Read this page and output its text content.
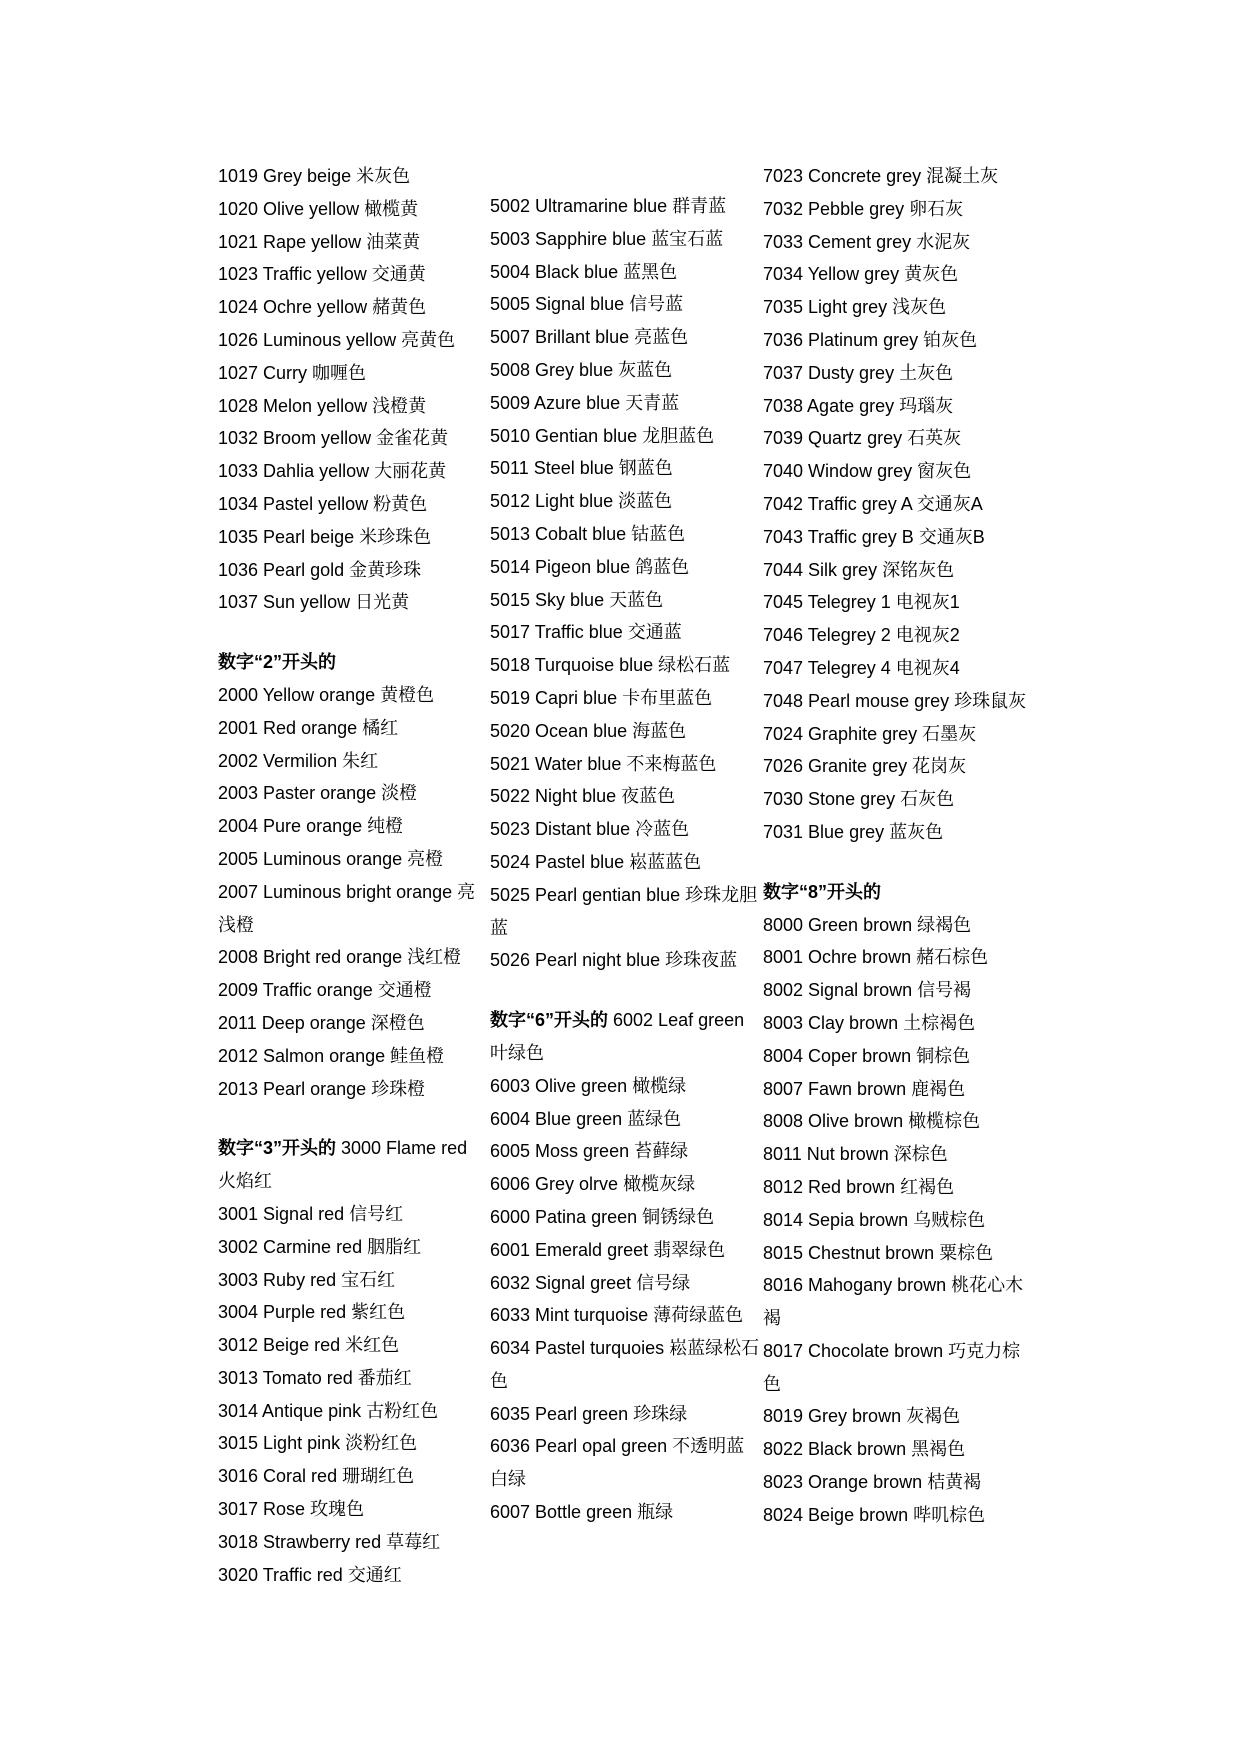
1019 Grey beige 米灰色
1020 Olive yellow 橄榄黄
1021 Rape yellow 油菜黄
1023 Traffic yellow 交通黄
1024 Ochre yellow 赭黄色
1026 Luminous yellow 亮黄色
1027 Curry 咖喱色
1028 Melon yellow 浅橙黄
1032 Broom yellow 金雀花黄
1033 Dahlia yellow 大丽花黄
1034 Pastel yellow 粉黄色
1035 Pearl beige 米珍珠色
1036 Pearl gold 金黄珍珠
1037 Sun yellow 日光黄
数字“2”开头的
2000 Yellow orange 黄橙色
2001 Red orange 橘红
2002 Vermilion 朱红
2003 Paster orange 淡橙
2004 Pure orange 纯橙
2005 Luminous orange 亮橙
2007 Luminous bright orange 亮浅橙
2008 Bright red orange 浅红橙
2009 Traffic orange 交通橙
2011 Deep orange 深橙色
2012 Salmon orange 鲑鱼橙
2013 Pearl orange 珍珠橙
数字“3”开头的 3000 Flame red 火焰红
3001 Signal red 信号红
3002 Carmine red 胭脂红
3003 Ruby red 宝石红
3004 Purple red 紫红色
3012 Beige red 米红色
3013 Tomato red 番茄红
3014 Antique pink 古粉红色
3015 Light pink 淡粉红色
3016 Coral red 珊瑚红色
3017 Rose 玫瑰色
3018 Strawberry red 草莓红
3020 Traffic red 交通红
5002 Ultramarine blue 群青蓝
5003 Sapphire blue 蓝宝石蓝
5004 Black blue 蓝黑色
5005 Signal blue 信号蓝
5007 Brillant blue 亮蓝色
5008 Grey blue 灰蓝色
5009 Azure blue 天青蓝
5010 Gentian blue 龙胆蓝色
5011 Steel blue 钢蓝色
5012 Light blue 淡蓝色
5013 Cobalt blue 钴蓝色
5014 Pigeon blue 鸽蓝色
5015 Sky blue 天蓝色
5017 Traffic blue 交通蓝
5018 Turquoise blue 绿松石蓝
5019 Capri blue 卡布里蓝色
5020 Ocean blue 海蓝色
5021 Water blue 不来梅蓝色
5022 Night blue 夜蓝色
5023 Distant blue 冷蓝色
5024 Pastel blue 崧蓝蓝色
5025 Pearl gentian blue 珍珠龙胆蓝
5026 Pearl night blue 珍珠夜蓝
数字“6”开头的 6002 Leaf green 叶绿色
6003 Olive green 橄榄绿
6004 Blue green 蓝绿色
6005 Moss green 苔藓绿
6006 Grey olrve 橄榄灰绿
6000 Patina green 铜锈绿色
6001 Emerald greet 翡翠绿色
6032 Signal greet 信号绿
6033 Mint turquoise 薄荷绿蓝色
6034 Pastel turquoies 崧蓝绿松石色
6035 Pearl green 珍珠绿
6036 Pearl opal green 不透明蓝白绿
6007 Bottle green 瓶绿
7023 Concrete grey 混凝土灰
7032 Pebble grey 卵石灰
7033 Cement grey 水泥灰
7034 Yellow grey 黄灰色
7035 Light grey 浅灰色
7036 Platinum grey 铂灰色
7037 Dusty grey 土灰色
7038 Agate grey 玛瑙灰
7039 Quartz grey 石英灰
7040 Window grey 窗灰色
7042 Traffic grey A 交通灰A
7043 Traffic grey B 交通灰B
7044 Silk grey 深铭灰色
7045 Telegrey 1 电视灰1
7046 Telegrey 2 电视灰2
7047 Telegrey 4 电视灰4
7048 Pearl mouse grey 珍珠鼠灰
7024 Graphite grey 石墨灰
7026 Granite grey 花岗灰
7030 Stone grey 石灰色
7031 Blue grey 蓝灰色
数字“8”开头的
8000 Green brown 绿褐色
8001 Ochre brown 赭石棕色
8002 Signal brown 信号褐
8003 Clay brown 土棕褐色
8004 Coper brown 铜棕色
8007 Fawn brown 鹿褐色
8008 Olive brown 橄榄棕色
8011 Nut brown 深棕色
8012 Red brown 红褐色
8014 Sepia brown 乌贼棕色
8015 Chestnut brown 粟棕色
8016 Mahogany brown 桃花心木褐
8017 Chocolate brown 巧克力棕色
8019 Grey brown 灰褐色
8022 Black brown 黑褐色
8023 Orange brown 桔黄褐
8024 Beige brown 哔叽棕色
